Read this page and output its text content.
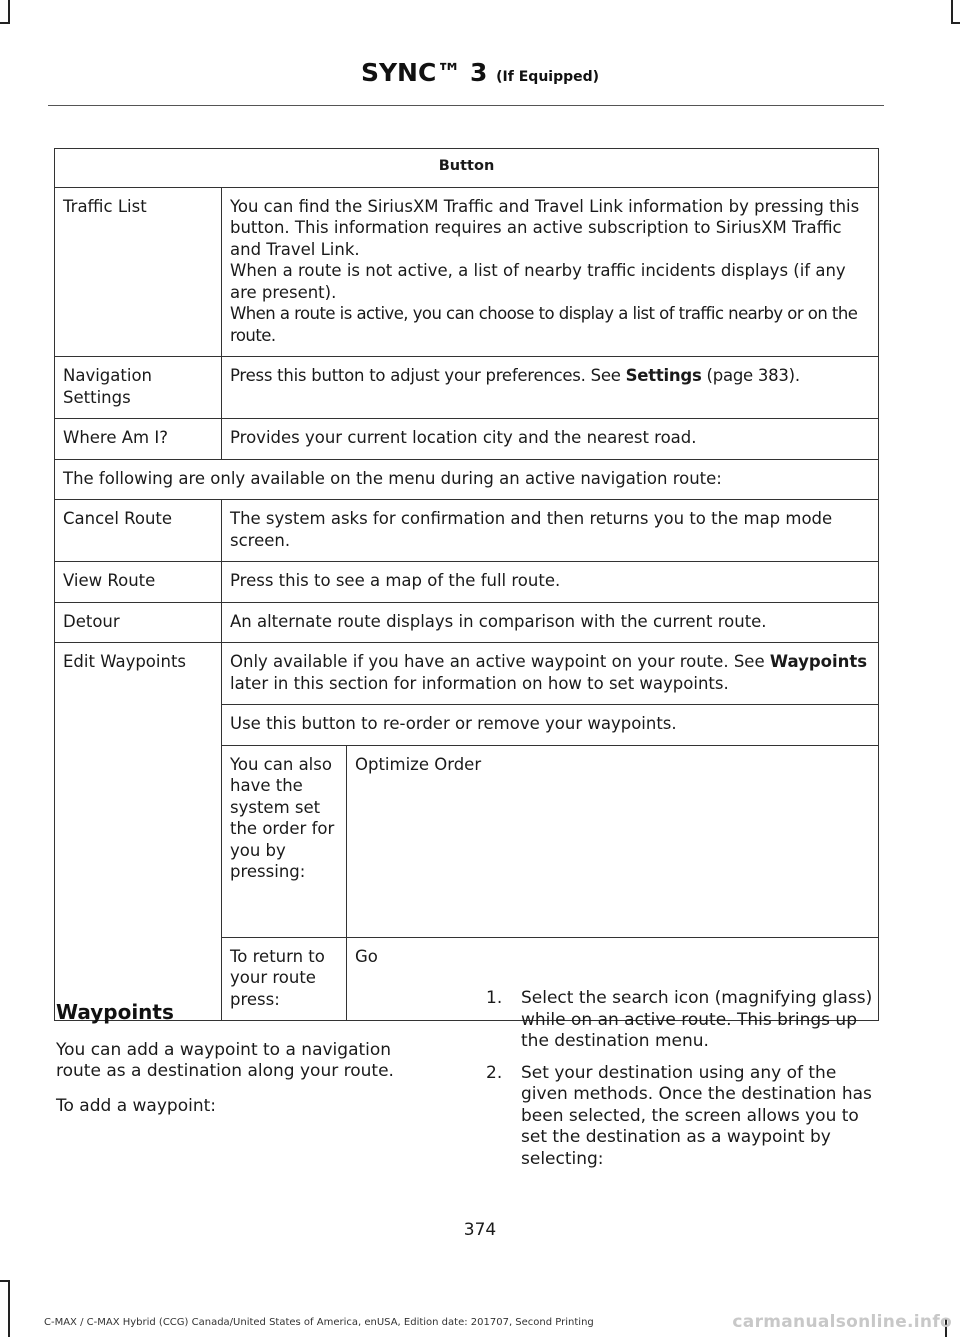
SYNC™ 3 (If Equipped)
Button		
Traffic List	You can find the SiriusXM Traffic and Travel Link information by pressing this button. This information requires an active subscription to SiriusXM Traffic and Travel Link.
When a route is not active, a list of nearby traffic incidents displays (if any are present).
When a route is active, you can choose to display a list of traffic nearby or on the route.	

Navigation Settings	Press this button to adjust your preferences. See Settings (page 383).	
Where Am I?	Provides your current location city and the nearest road.	
The following are only available on the menu during an active navigation route:		
Cancel Route	The system asks for confirmation and then returns you to the map mode screen.	
View Route	Press this to see a map of the full route.	
Detour	An alternate route displays in comparison with the current route.	
Edit Waypoints	Only available if you have an active waypoint on your route. See Waypoints later in this section for information on how to set waypoints.	
	Use this button to re-order or remove your waypoints.	
	You can also have the system set the order for you by pressing:	Optimize Order
	To return to your route press:	Go
Waypoints

You can add a waypoint to a navigation route as a destination along your route.

To add a waypoint:

1. Select the search icon (magnifying glass) while on an active route. This brings up the destination menu.
2. Set your destination using any of the given methods. Once the destination has been selected, the screen allows you to set the destination as a waypoint by selecting:
374
C-MAX / C-MAX Hybrid (CCG) Canada/United States of America, enUSA, Edition date: 201707, Second Printing	carmanualsonline.info
